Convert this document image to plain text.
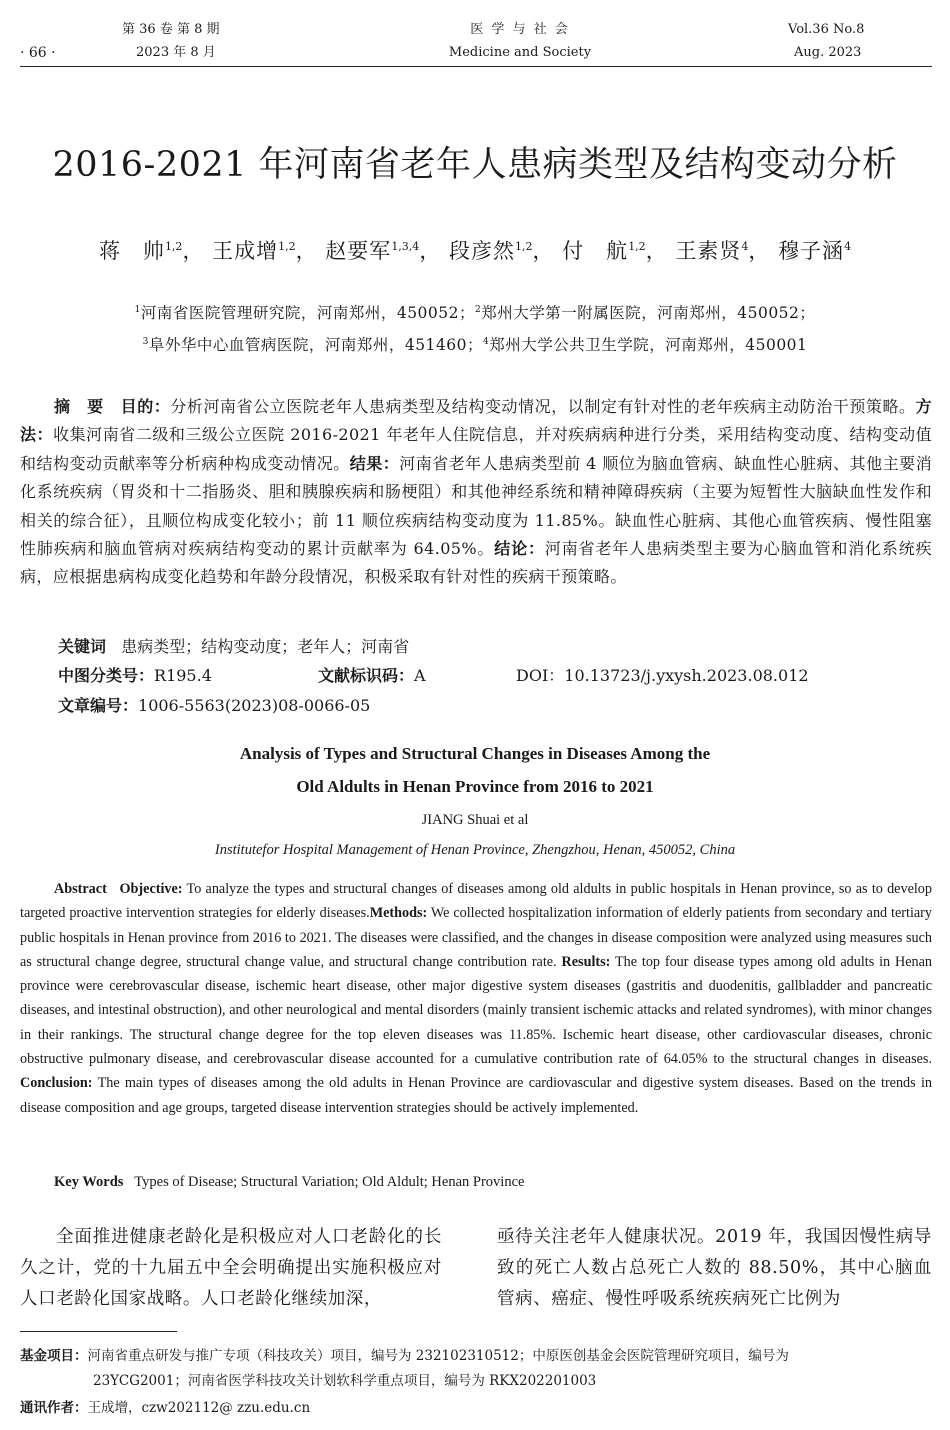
· 66 ·
第 36 卷 第 8 期
2023 年 8 月
医 学 与 社 会
Medicine and Society
Vol.36 No.8
Aug. 2023
2016-2021 年河南省老年人患病类型及结构变动分析
蒋　帅$^{1,2}$， 王成增$^{1,2}$， 赵要军$^{1,3,4}$， 段彦然$^{1,2}$， 付　航$^{1,2}$， 王素贤$^4$， 穆子涵$^4$
$^1$河南省医院管理研究院，河南郑州，450052；$^2$郑州大学第一附属医院，河南郑州，450052；
$^3$阜外华中心血管病医院，河南郑州，451460；$^4$郑州大学公共卫生学院，河南郑州，450001
摘　要 目的：分析河南省公立医院老年人患病类型及结构变动情况，以制定有针对性的老年疾病主动防治干预策略。方法：收集河南省二级和三级公立医院 2016-2021 年老年人住院信息，并对疾病病种进行分类，采用结构变动度、结构变动值和结构变动贡献率等分析病种构成变动情况。结果：河南省老年人患病类型前 4 顺位为脑血管病、缺血性心脏病、其他主要消化系统疾病（胃炎和十二指肠炎、胆和胰腺疾病和肠梗阻）和其他神经系统和精神障碍疾病（主要为短暂性大脑缺血性发作和相关的综合征），且顺位构成变化较小；前 11 顺位疾病结构变动度为 11.85%。缺血性心脏病、其他心血管疾病、慢性阻塞性肺疾病和脑血管病对疾病结构变动的累计贡献率为 64.05%。结论：河南省老年人患病类型主要为心脑血管和消化系统疾病，应根据患病构成变化趋势和年龄分段情况，积极采取有针对性的疾病干预策略。
关键词 患病类型；结构变动度；老年人；河南省
中图分类号：R195.4	文献标识码：A	DOI：10.13723/j.yxysh.2023.08.012
文章编号：1006-5563(2023)08-0066-05
Analysis of Types and Structural Changes in Diseases Among the
Old Aldults in Henan Province from 2016 to 2021
JIANG Shuai et al
Institutefor Hospital Management of Henan Province, Zhengzhou, Henan, 450052, China
Abstract Objective: To analyze the types and structural changes of diseases among old aldults in public hospitals in Henan province, so as to develop targeted proactive intervention strategies for elderly diseases.Methods: We collected hospitalization information of elderly patients from secondary and tertiary public hospitals in Henan province from 2016 to 2021. The diseases were classified, and the changes in disease composition were analyzed using measures such as structural change degree, structural change value, and structural change contribution rate. Results: The top four disease types among old adults in Henan province were cerebrovascular disease, ischemic heart disease, other major digestive system diseases (gastritis and duodenitis, gallbladder and pancreatic diseases, and intestinal obstruction), and other neurological and mental disorders (mainly transient ischemic attacks and related syndromes), with minor changes in their rankings. The structural change degree for the top eleven diseases was 11.85%. Ischemic heart disease, other cardiovascular diseases, chronic obstructive pulmonary disease, and cerebrovascular disease accounted for a cumulative contribution rate of 64.05% to the structural changes in diseases. Conclusion: The main types of diseases among the old adults in Henan Province are cardiovascular and digestive system diseases. Based on the trends in disease composition and age groups, targeted disease intervention strategies should be actively implemented.
Key Words Types of Disease; Structural Variation; Old Aldult; Henan Province
全面推进健康老龄化是积极应对人口老龄化的长久之计，党的十九届五中全会明确提出实施积极应对人口老龄化国家战略。人口老龄化继续加深，
亟待关注老年人健康状况。2019 年，我国因慢性病导致的死亡人数占总死亡人数的 88.50%，其中心脑血管病、癌症、慢性呼吸系统疾病死亡比例为
基金项目：河南省重点研发与推广专项（科技攻关）项目，编号为 232102310512；中原医创基金会医院管理研究项目，编号为
23YCG2001；河南省医学科技攻关计划软科学重点项目，编号为 RKX202201003
通讯作者：王成增，czw202112@ zzu.edu.cn
